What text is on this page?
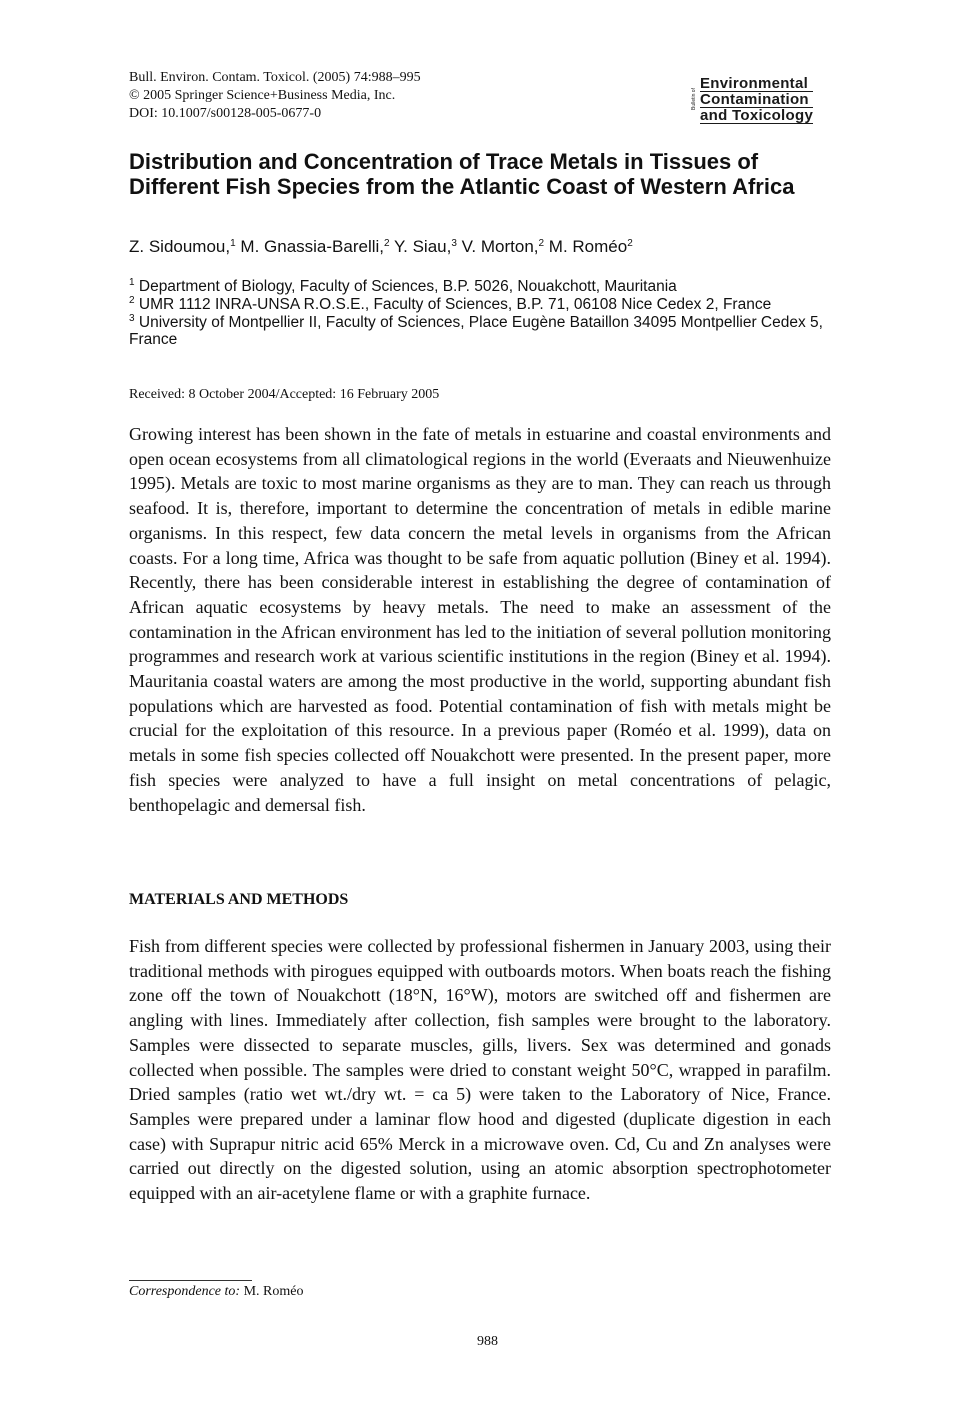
Bull. Environ. Contam. Toxicol. (2005) 74:988–995
© 2005 Springer Science+Business Media, Inc.
DOI: 10.1007/s00128-005-0677-0
Bulletin of
Environmental
Contamination
and Toxicology
Distribution and Concentration of Trace Metals in Tissues of Different Fish Species from the Atlantic Coast of Western Africa
Z. Sidoumou,$^1$ M. Gnassia-Barelli,$^2$ Y. Siau,$^3$ V. Morton,$^2$ M. Roméo$^2$

$^1$ Department of Biology, Faculty of Sciences, B.P. 5026, Nouakchott, Mauritania

$^2$ UMR 1112 INRA-UNSA R.O.S.E., Faculty of Sciences, B.P. 71, 06108 Nice Cedex 2, France

$^3$ University of Montpellier II, Faculty of Sciences, Place Eugène Bataillon 34095 Montpellier Cedex 5, France

Received: 8 October 2004/Accepted: 16 February 2005

Growing interest has been shown in the fate of metals in estuarine and coastal environments and open ocean ecosystems from all climatological regions in the world (Everaats and Nieuwenhuize 1995). Metals are toxic to most marine organisms as they are to man. They can reach us through seafood. It is, therefore, important to determine the concentration of metals in edible marine organisms. In this respect, few data concern the metal levels in organisms from the African coasts. For a long time, Africa was thought to be safe from aquatic pollution (Biney et al. 1994). Recently, there has been considerable interest in establishing the degree of contamination of African aquatic ecosystems by heavy metals. The need to make an assessment of the contamination in the African environment has led to the initiation of several pollution monitoring programmes and research work at various scientific institutions in the region (Biney et al. 1994). Mauritania coastal waters are among the most productive in the world, supporting abundant fish populations which are harvested as food. Potential contamination of fish with metals might be crucial for the exploitation of this resource. In a previous paper (Roméo et al. 1999), data on metals in some fish species collected off Nouakchott were presented. In the present paper, more fish species were analyzed to have a full insight on metal concentrations of pelagic, benthopelagic and demersal fish.

MATERIALS AND METHODS

Fish from different species were collected by professional fishermen in January 2003, using their traditional methods with pirogues equipped with outboards motors. When boats reach the fishing zone off the town of Nouakchott (18°N, 16°W), motors are switched off and fishermen are angling with lines. Immediately after collection, fish samples were brought to the laboratory. Samples were dissected to separate muscles, gills, livers. Sex was determined and gonads collected when possible. The samples were dried to constant weight 50°C, wrapped in parafilm. Dried samples (ratio wet wt./dry wt. = ca 5) were taken to the Laboratory of Nice, France. Samples were prepared under a laminar flow hood and digested (duplicate digestion in each case) with Suprapur nitric acid 65% Merck in a microwave oven. Cd, Cu and Zn analyses were carried out directly on the digested solution, using an atomic absorption spectrophotometer equipped with an air-acetylene flame or with a graphite furnace.

Correspondence to: M. Roméo
988
